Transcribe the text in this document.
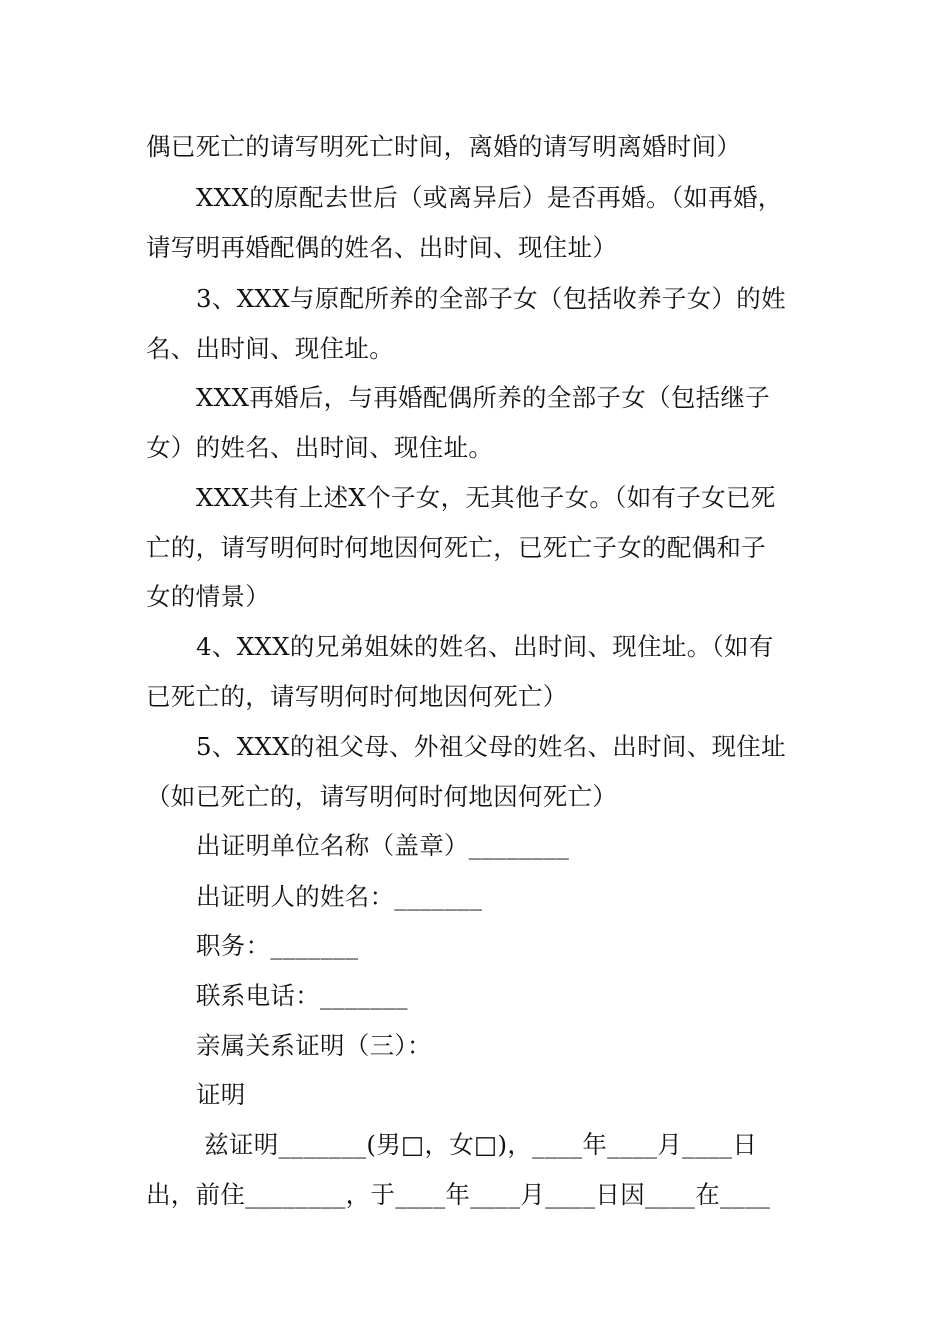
偶已死亡的请写明死亡时间，离婚的请写明离婚时间）
XXX的原配去世后（或离异后）是否再婚。（如再婚，
请写明再婚配偶的姓名、出时间、现住址）
3、XXX与原配所养的全部子女（包括收养子女）的姓
名、出时间、现住址。
XXX再婚后，与再婚配偶所养的全部子女（包括继子
女）的姓名、出时间、现住址。
XXX共有上述X个子女，无其他子女。（如有子女已死
亡的，请写明何时何地因何死亡，已死亡子女的配偶和子
女的情景）
4、XXX的兄弟姐妹的姓名、出时间、现住址。（如有
已死亡的，请写明何时何地因何死亡）
5、XXX的祖父母、外祖父母的姓名、出时间、现住址
（如已死亡的，请写明何时何地因何死亡）
出证明单位名称（盖章）________
出证明人的姓名：_______
职务：_______
联系电话：_______
亲属关系证明（三）：
证明
兹证明_______(男□，女□)，____年____月____日
出，前住________，于____年____月____日因____在____
